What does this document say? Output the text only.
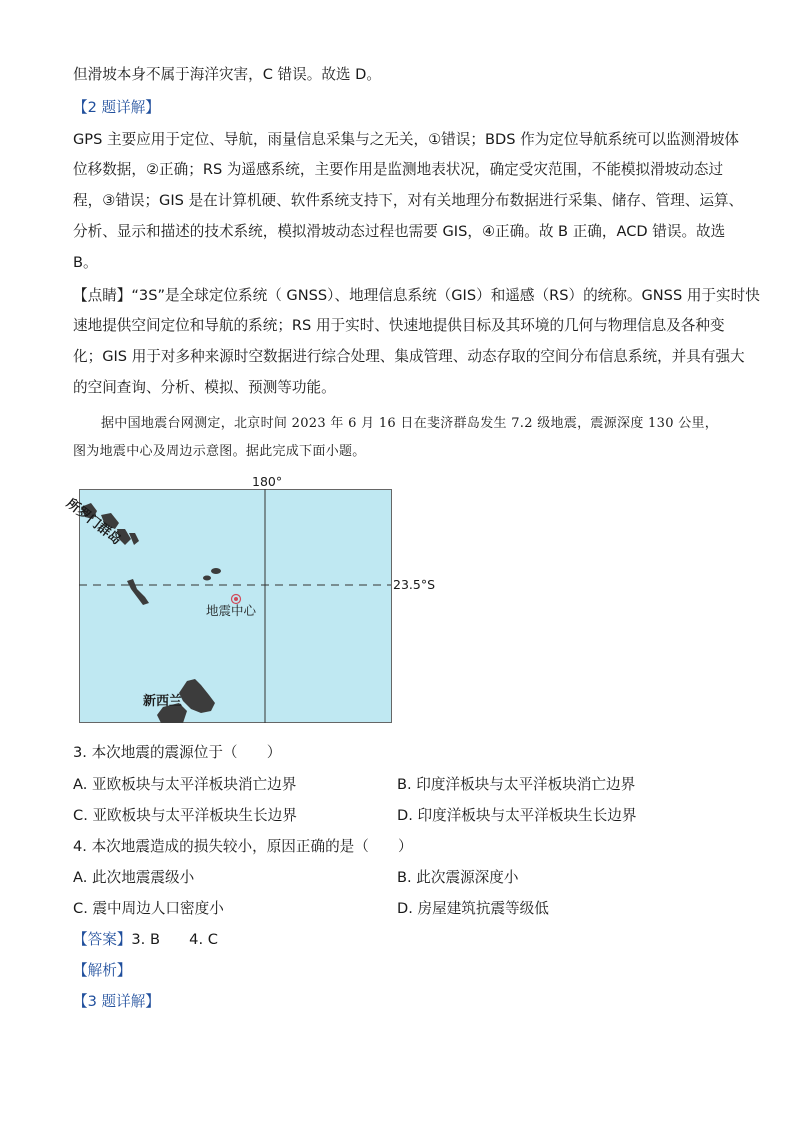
但滑坡本身不属于海洋灾害，C 错误。故选 D。
【2 题详解】
GPS 主要应用于定位、导航，雨量信息采集与之无关，①错误；BDS 作为定位导航系统可以监测滑坡体
位移数据，②正确；RS 为遥感系统，主要作用是监测地表状况，确定受灾范围，不能模拟滑坡动态过
程，③错误；GIS 是在计算机硬、软件系统支持下，对有关地理分布数据进行采集、储存、管理、运算、
分析、显示和描述的技术系统，模拟滑坡动态过程也需要 GIS，④正确。故 B 正确，ACD 错误。故选
B。
【点睛】“3S”是全球定位系统（ GNSS）、地理信息系统（GIS）和遥感（RS）的统称。GNSS 用于实时快
速地提供空间定位和导航的系统；RS 用于实时、快速地提供目标及其环境的几何与物理信息及各种变
化；GIS 用于对多种来源时空数据进行综合处理、集成管理、动态存取的空间分布信息系统，并具有强大
的空间查询、分析、模拟、预测等功能。
据中国地震台网测定，北京时间 2023 年 6 月 16 日在斐济群岛发生 7.2 级地震，震源深度 130 公里，
图为地震中心及周边示意图。据此完成下面小题。
180°
23.5°S
地震中心
所罗门群岛
新西兰
3. 本次地震的震源位于（　　）
A. 亚欧板块与太平洋板块消亡边界	B. 印度洋板块与太平洋板块消亡边界
C. 亚欧板块与太平洋板块生长边界	D. 印度洋板块与太平洋板块生长边界
4. 本次地震造成的损失较小，原因正确的是（　　）
A. 此次地震震级小	B. 此次震源深度小
C. 震中周边人口密度小	D. 房屋建筑抗震等级低
【答案】3. B　　4. C
【解析】
【3 题详解】
